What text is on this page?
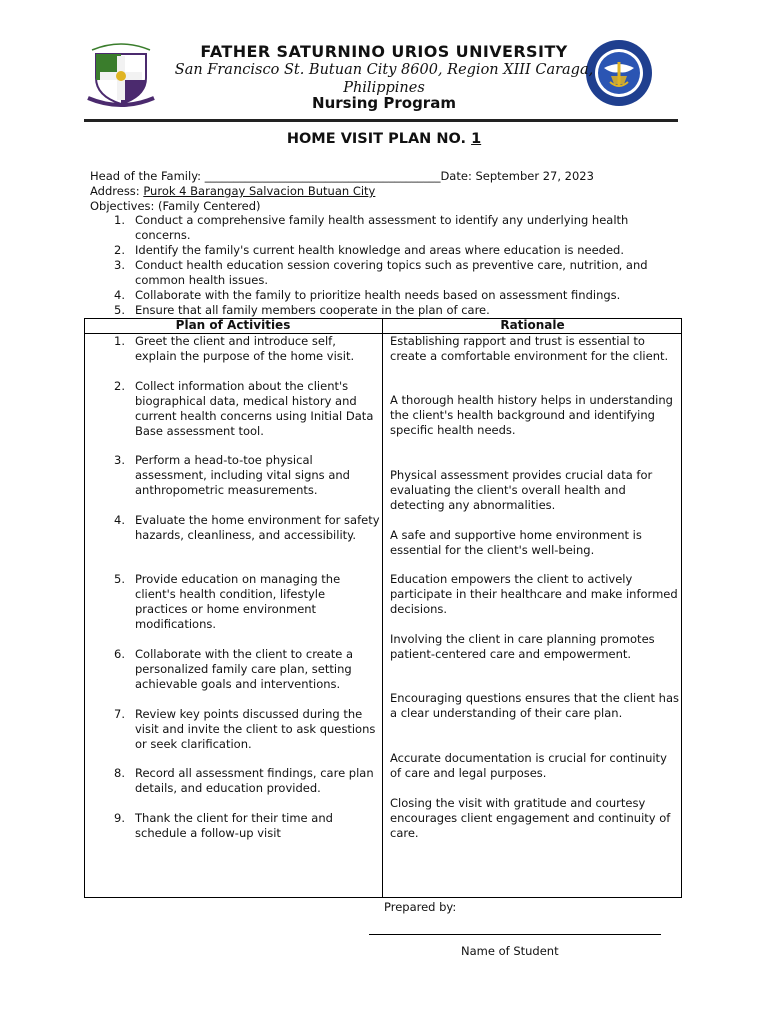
FATHER SATURNINO URIOS UNIVERSITY
San Francisco St. Butuan City 8600, Region XIII Caraga,
Philippines
Nursing Program
HOME VISIT PLAN NO. 1
Head of the Family: _________________________________________Date: September 27, 2023
Address: Purok 4 Barangay Salvacion Butuan City
Objectives: (Family Centered)
1. Conduct a comprehensive family health assessment to identify any underlying health
concerns.
2. Identify the family's current health knowledge and areas where education is needed.
3. Conduct health education session covering topics such as preventive care, nutrition, and
common health issues.
4. Collaborate with the family to prioritize health needs based on assessment findings.
5. Ensure that all family members cooperate in the plan of care.
Plan of Activities	Rationale
1. Greet the client and introduce self, explain the purpose of the home visit.
2. Collect information about the client's biographical data, medical history and current health concerns using Initial Data Base assessment tool.
3. Perform a head-to-toe physical assessment, including vital signs and anthropometric measurements.
4. Evaluate the home environment for safety hazards, cleanliness, and accessibility.
5. Provide education on managing the client's health condition, lifestyle practices or home environment modifications.
6. Collaborate with the client to create a personalized family care plan, setting achievable goals and interventions.
7. Review key points discussed during the visit and invite the client to ask questions or seek clarification.
8. Record all assessment findings, care plan details, and education provided.
9. Thank the client for their time and schedule a follow-up visit
Establishing rapport and trust is essential to create a comfortable environment for the client.
A thorough health history helps in understanding the client's health background and identifying specific health needs.
Physical assessment provides crucial data for evaluating the client's overall health and detecting any abnormalities.
A safe and supportive home environment is essential for the client's well-being.
Education empowers the client to actively participate in their healthcare and make informed decisions.
Involving the client in care planning promotes patient-centered care and empowerment.
Encouraging questions ensures that the client has a clear understanding of their care plan.
Accurate documentation is crucial for continuity of care and legal purposes.
Closing the visit with gratitude and courtesy encourages client engagement and continuity of care.
Prepared by:
Name of Student
